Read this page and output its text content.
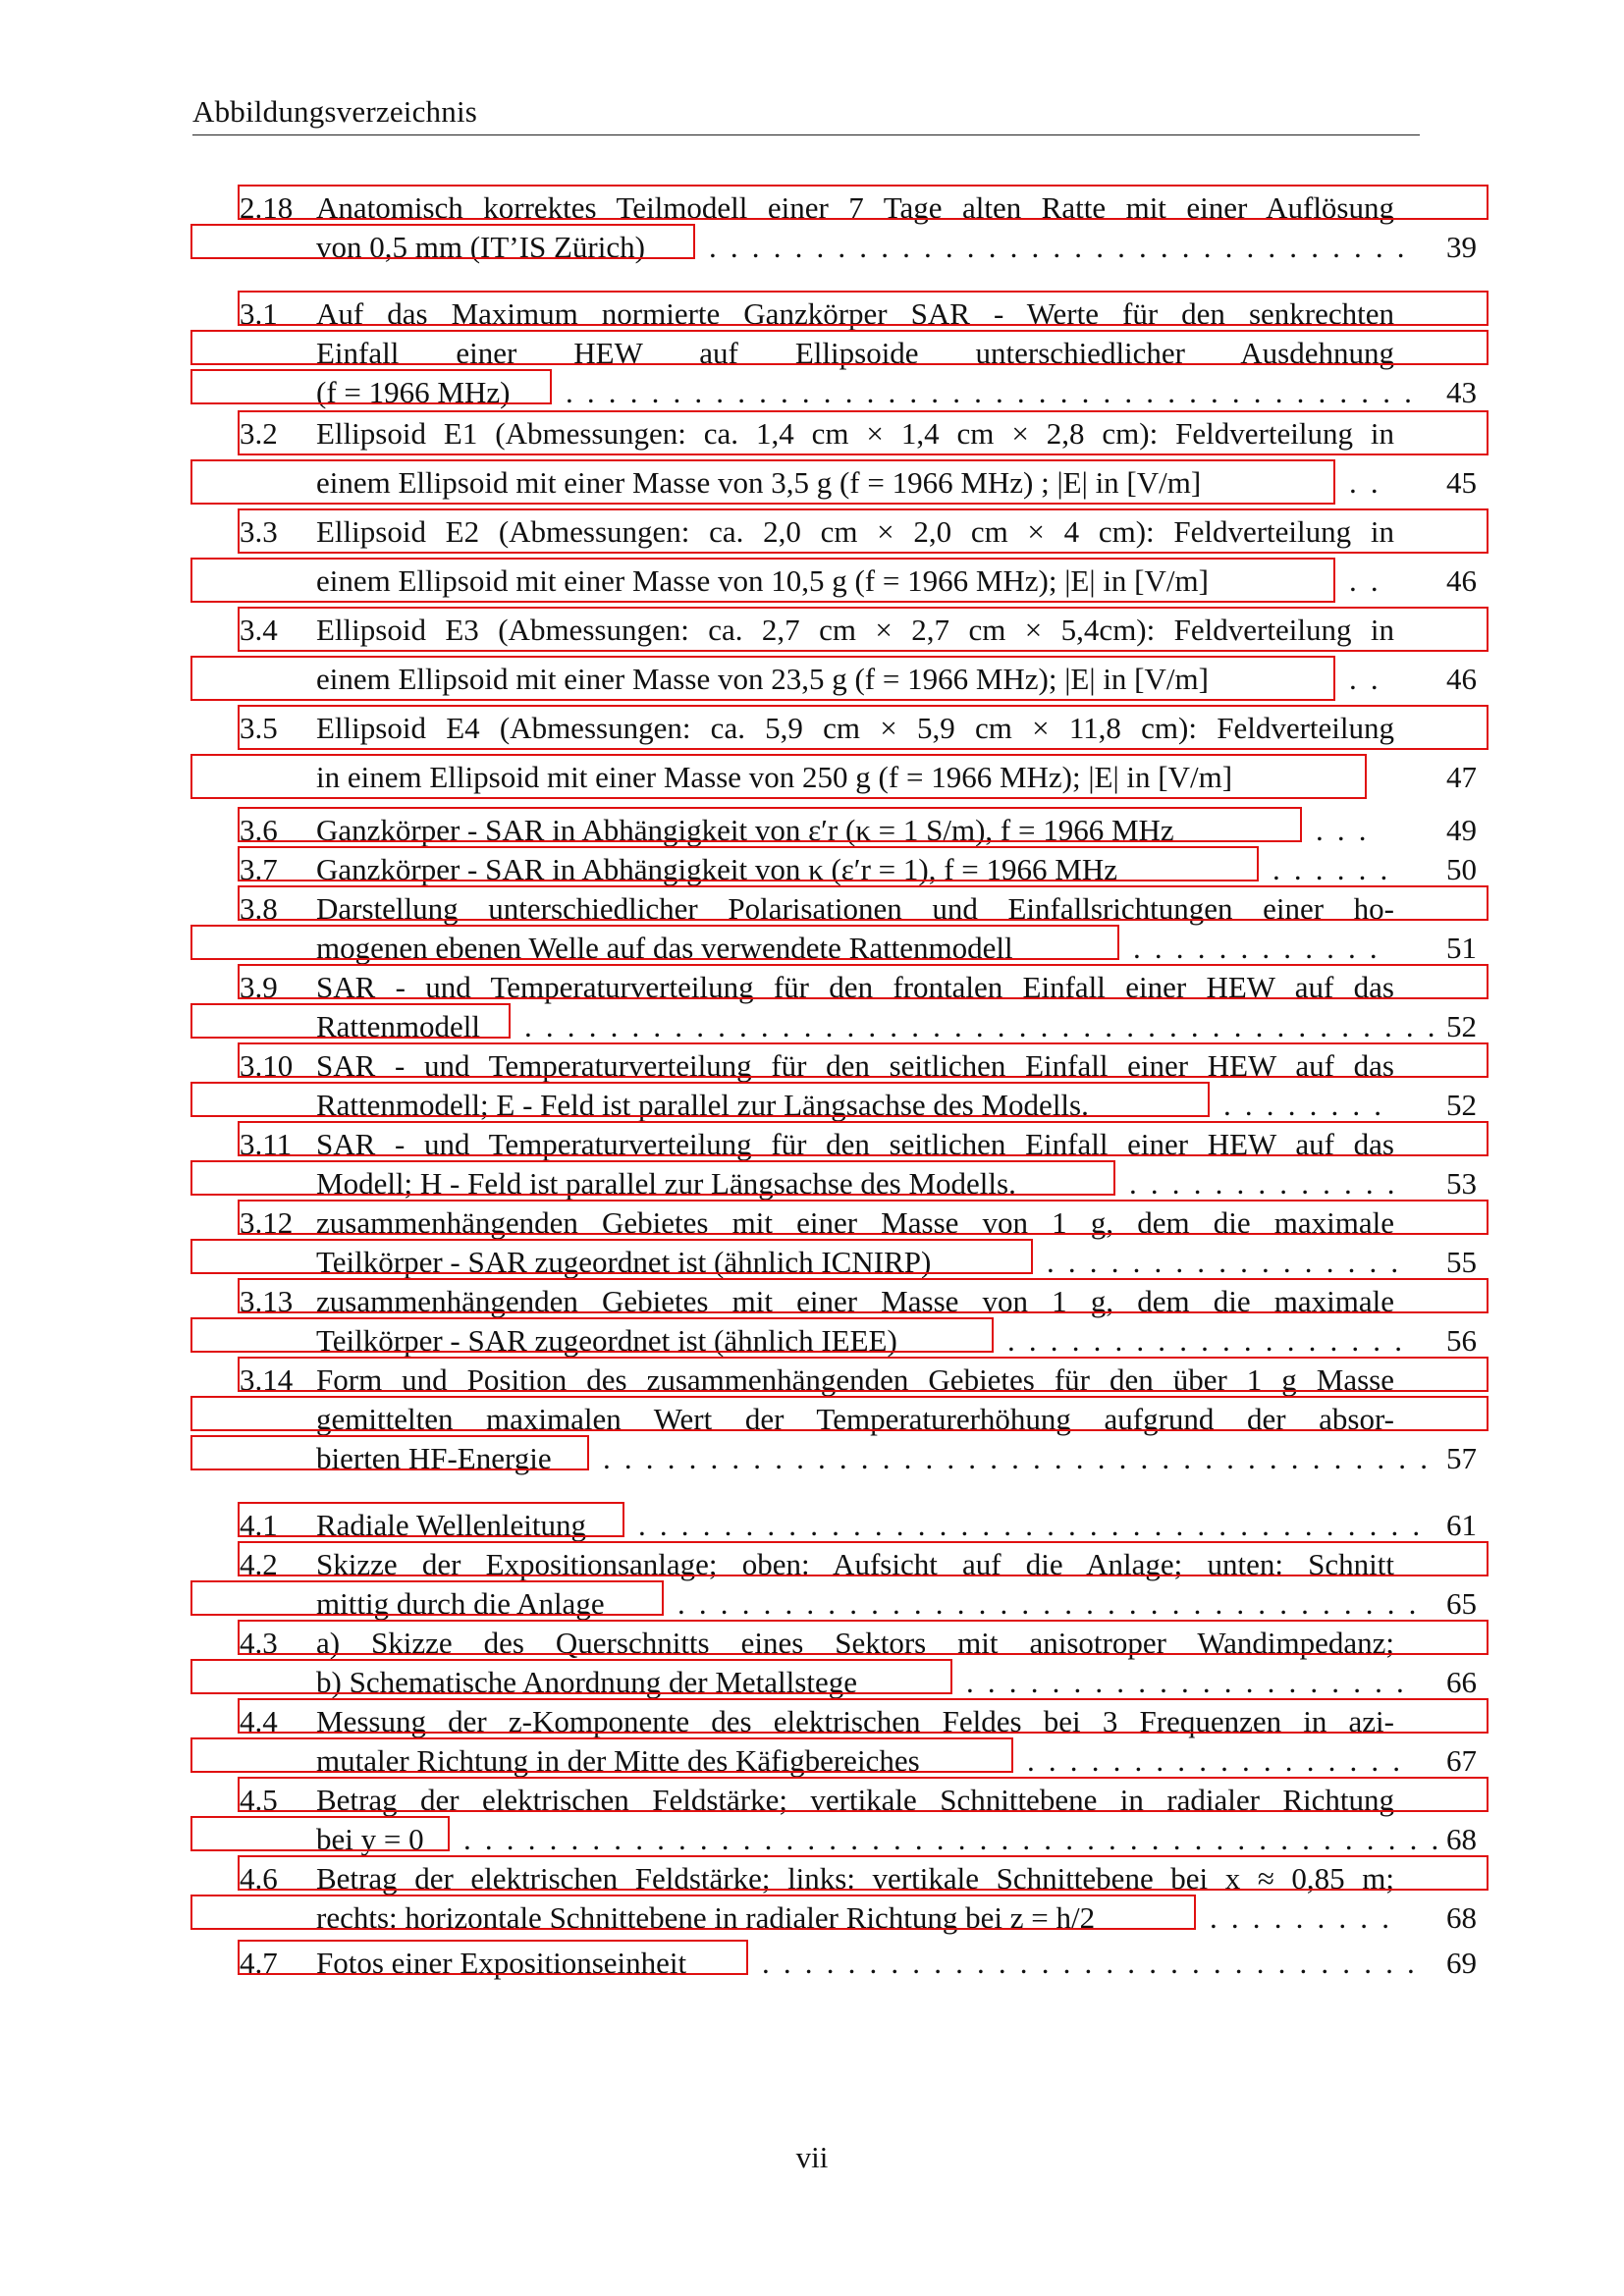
Abbildungsverzeichnis
2.18 Anatomisch korrektes Teilmodell einer 7 Tage alten Ratte mit einer Auflösung
von 0,5 mm (IT’IS Zürich) . . . . . . . . . . . . . . . . . . . . . . . . . . . . . . . . .	39
3.1 Auf das Maximum normierte Ganzkörper SAR - Werte für den senkrechten
Einfall einer HEW auf Ellipsoide unterschiedlicher Ausdehnung
(f = 1966 MHz) . . . . . . . . . . . . . . . . . . . . . . . . . . . . . . . . . . . . . . . .	43
3.2 Ellipsoid E1 (Abmessungen: ca. 1,4 cm × 1,4 cm × 2,8 cm): Feldverteilung in
einem Ellipsoid mit einer Masse von 3,5 g (f = 1966 MHz) ; |E| in [V/m]	. .	45
3.3 Ellipsoid E2 (Abmessungen: ca. 2,0 cm × 2,0 cm × 4 cm): Feldverteilung in
einem Ellipsoid mit einer Masse von 10,5 g (f = 1966 MHz); |E| in [V/m]	. .	46
3.4 Ellipsoid E3 (Abmessungen: ca. 2,7 cm × 2,7 cm × 5,4cm): Feldverteilung in
einem Ellipsoid mit einer Masse von 23,5 g (f = 1966 MHz); |E| in [V/m]	. .	46
3.5 Ellipsoid E4 (Abmessungen: ca. 5,9 cm × 5,9 cm × 11,8 cm): Feldverteilung
in einem Ellipsoid mit einer Masse von 250 g (f = 1966 MHz); |E| in [V/m]	47
3.6 Ganzkörper - SAR in Abhängigkeit von ε′r (κ = 1 S/m), f = 1966 MHz	. . .	49
3.7 Ganzkörper - SAR in Abhängigkeit von κ (ε′r = 1), f = 1966 MHz	. . . . . .	50
3.8 Darstellung unterschiedlicher Polarisationen und Einfallsrichtungen einer ho-
mogenen ebenen Welle auf das verwendete Rattenmodell	. . . . . . . . . . . .	51
3.9 SAR - und Temperaturverteilung für den frontalen Einfall einer HEW auf das
Rattenmodell . . . . . . . . . . . . . . . . . . . . . . . . . . . . . . . . . . . . . . . . . . . 52
3.10 SAR - und Temperaturverteilung für den seitlichen Einfall einer HEW auf das
Rattenmodell; E - Feld ist parallel zur Längsachse des Modells.	. . . . . . . .	52
3.11 SAR - und Temperaturverteilung für den seitlichen Einfall einer HEW auf das
Modell; H - Feld ist parallel zur Längsachse des Modells.	. . . . . . . . . . . . .	53
3.12 zusammenhängenden Gebietes mit einer Masse von 1 g, dem die maximale
Teilkörper - SAR zugeordnet ist (ähnlich ICNIRP)	. . . . . . . . . . . . . . . . .	55
3.13 zusammenhängenden Gebietes mit einer Masse von 1 g, dem die maximale
Teilkörper - SAR zugeordnet ist (ähnlich IEEE)	. . . . . . . . . . . . . . . . . . .	56
3.14 Form und Position des zusammenhängenden Gebietes für den über 1 g Masse
gemittelten maximalen Wert der Temperaturerhöhung aufgrund der absor-
bierten HF-Energie . . . . . . . . . . . . . . . . . . . . . . . . . . . . . . . . . . . . . . . 57
4.1 Radiale Wellenleitung . . . . . . . . . . . . . . . . . . . . . . . . . . . . . . . . . . . . . 61
4.2 Skizze der Expositionsanlage; oben: Aufsicht auf die Anlage; unten: Schnitt
mittig durch die Anlage . . . . . . . . . . . . . . . . . . . . . . . . . . . . . . . . . . . 65
4.3 a) Skizze des Querschnitts eines Sektors mit anisotroper Wandimpedanz;
b) Schematische Anordnung der Metallstege	. . . . . . . . . . . . . . . . . . . . .	66
4.4 Messung der z-Komponente des elektrischen Feldes bei 3 Frequenzen in azi-
mutaler Richtung in der Mitte des Käfigbereiches	. . . . . . . . . . . . . . . . . .	67
4.5 Betrag der elektrischen Feldstärke; vertikale Schnittebene in radialer Richtung
bei y = 0 . . . . . . . . . . . . . . . . . . . . . . . . . . . . . . . . . . . . . . . . . . . . . . 68
4.6 Betrag der elektrischen Feldstärke; links: vertikale Schnittebene bei x ≈ 0,85 m;
rechts: horizontale Schnittebene in radialer Richtung bei z = h/2	. . . . . . . . .	68
4.7 Fotos einer Expositionseinheit . . . . . . . . . . . . . . . . . . . . . . . . . . . . . . . 69
vii
